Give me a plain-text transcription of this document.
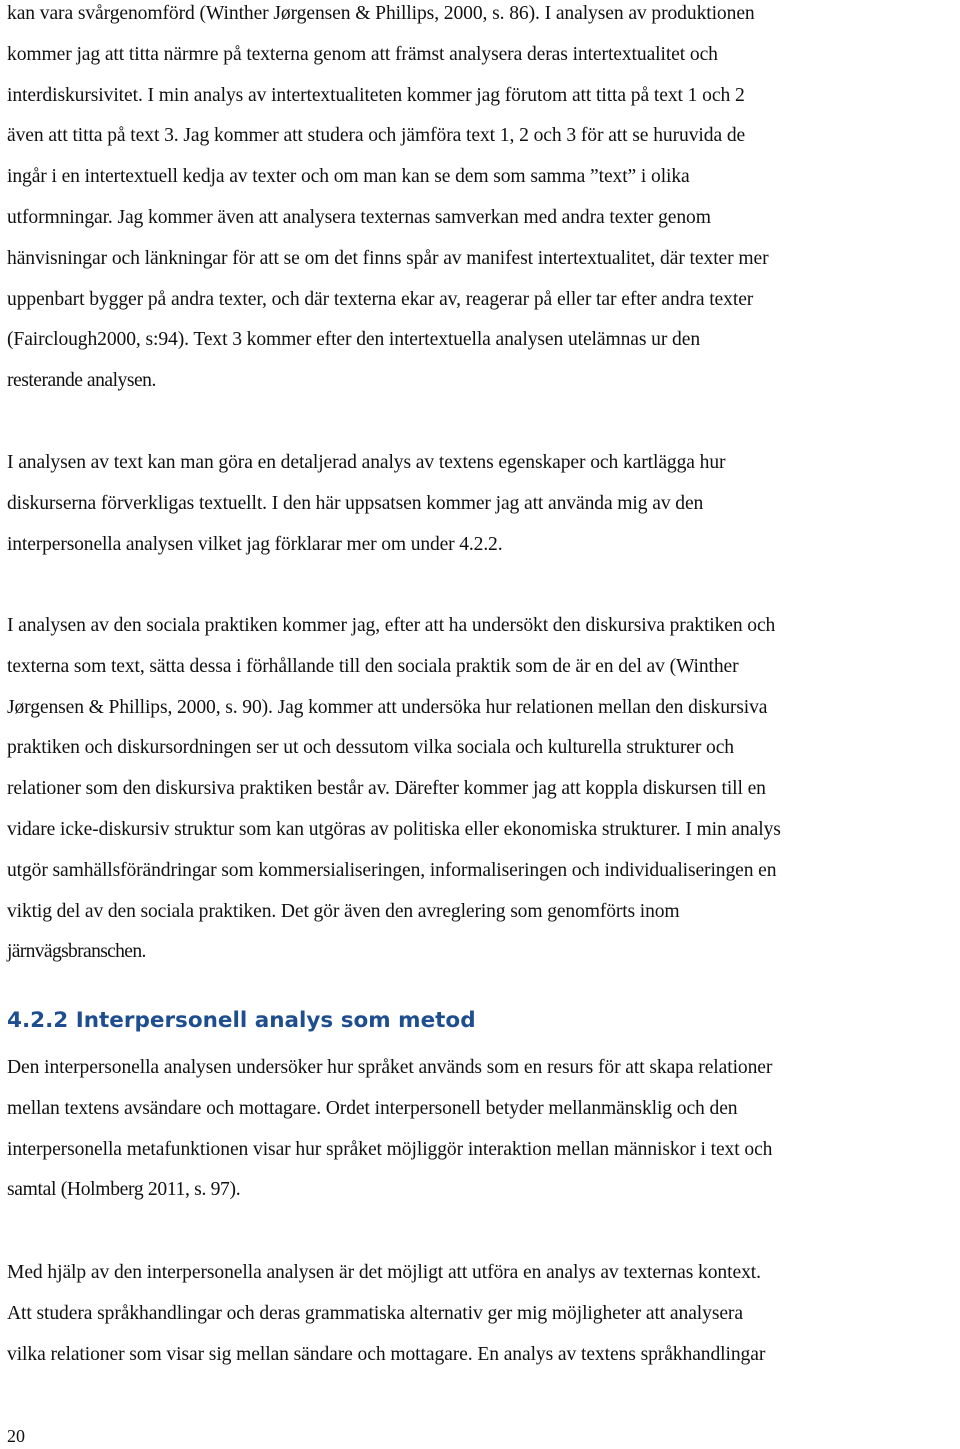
kan vara svårgenomförd (Winther Jørgensen & Phillips, 2000, s. 86). I analysen av produktionen
kommer jag att titta närmre på texterna genom att främst analysera deras intertextualitet och
interdiskursivitet. I min analys av intertextualiteten kommer jag förutom att titta på text 1 och 2
även att titta på text 3. Jag kommer att studera och jämföra text 1, 2 och 3 för att se huruvida de
ingår i en intertextuell kedja av texter och om man kan se dem som samma ”text” i olika
utformningar. Jag kommer även att analysera texternas samverkan med andra texter genom
hänvisningar och länkningar för att se om det finns spår av manifest intertextualitet, där texter mer
uppenbart bygger på andra texter, och där texterna ekar av, reagerar på eller tar efter andra texter
(Fairclough2000, s:94). Text 3 kommer efter den intertextuella analysen utelämnas ur den
resterande analysen.

I analysen av text kan man göra en detaljerad analys av textens egenskaper och kartlägga hur
diskurserna förverkligas textuellt. I den här uppsatsen kommer jag att använda mig av den
interpersonella analysen vilket jag förklarar mer om under 4.2.2.

I analysen av den sociala praktiken kommer jag, efter att ha undersökt den diskursiva praktiken och
texterna som text, sätta dessa i förhållande till den sociala praktik som de är en del av (Winther
Jørgensen & Phillips, 2000, s. 90). Jag kommer att undersöka hur relationen mellan den diskursiva
praktiken och diskursordningen ser ut och dessutom vilka sociala och kulturella strukturer och
relationer som den diskursiva praktiken består av. Därefter kommer jag att koppla diskursen till en
vidare icke-diskursiv struktur som kan utgöras av politiska eller ekonomiska strukturer. I min analys
utgör samhällsförändringar som kommersialiseringen, informaliseringen och individualiseringen en
viktig del av den sociala praktiken. Det gör även den avreglering som genomförts inom
järnvägsbranschen.

4.2.2 Interpersonell analys som metod

Den interpersonella analysen undersöker hur språket används som en resurs för att skapa relationer
mellan textens avsändare och mottagare. Ordet interpersonell betyder mellanmänsklig och den
interpersonella metafunktionen visar hur språket möjliggör interaktion mellan människor i text och
samtal (Holmberg 2011, s. 97).

Med hjälp av den interpersonella analysen är det möjligt att utföra en analys av texternas kontext.
Att studera språkhandlingar och deras grammatiska alternativ ger mig möjligheter att analysera
vilka relationer som visar sig mellan sändare och mottagare. En analys av textens språkhandlingar

20
